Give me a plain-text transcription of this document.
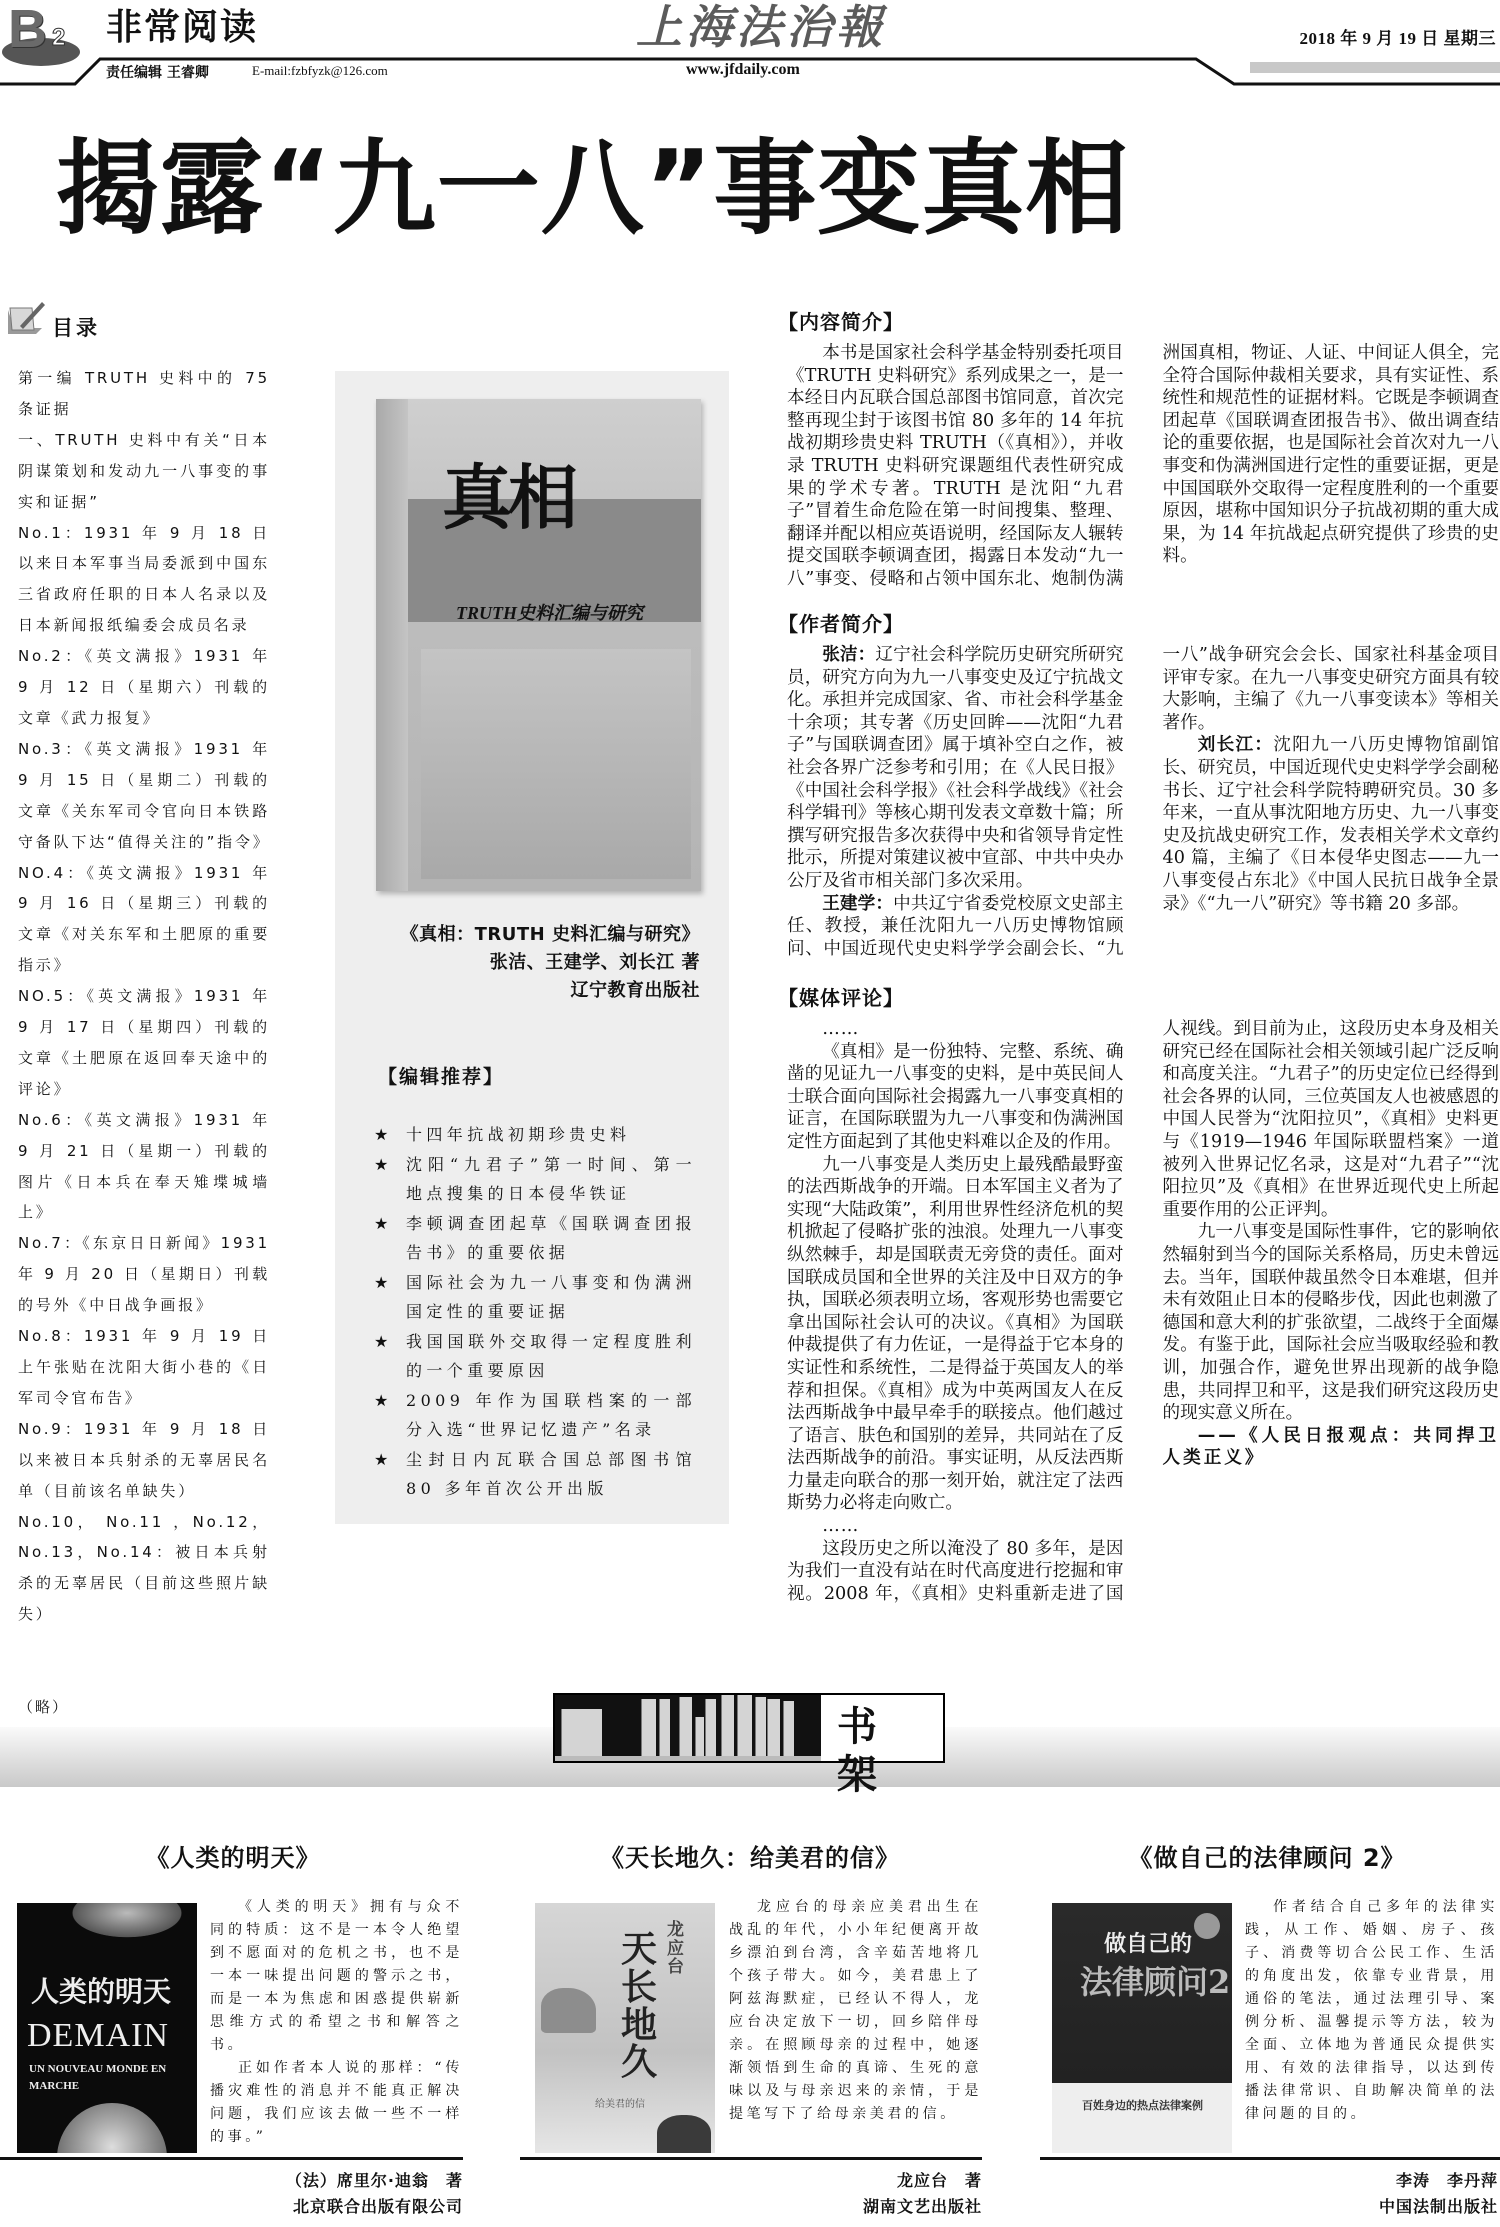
B 2 非常阅读	上海法治報	2018 年 9 月 19 日 星期三
责任编辑 王睿卿	E-mail:fzbfyzk@126.com	www.jfdaily.com
揭露“九一八”事变真相
目录

第一编 TRUTH 史料中的 75 条证据

一、TRUTH 史料中有关“日本阴谋策划和发动九一八事变的事实和证据”

No.1：1931 年 9 月 18 日以来日本军事当局委派到中国东三省政府任职的日本人名录以及日本新闻报纸编委会成员名录

No.2：《英文满报》1931 年 9 月 12 日（星期六）刊载的文章《武力报复》

No.3：《英文满报》1931 年 9 月 15 日（星期二）刊载的文章《关东军司令官向日本铁路守备队下达“值得关注的”指令》

NO.4：《英文满报》1931 年 9 月 16 日（星期三）刊载的文章《对关东军和土肥原的重要指示》

NO.5：《英文满报》1931 年 9 月 17 日（星期四）刊载的文章《土肥原在返回奉天途中的评论》

No.6：《英文满报》1931 年 9 月 21 日（星期一）刊载的图片《日本兵在奉天雉堞城墙上》

No.7：《东京日日新闻》1931 年 9 月 20 日（星期日）刊载的号外《中日战争画报》

No.8：1931 年 9 月 19 日上午张贴在沈阳大街小巷的《日军司令官布告》

No.9：1931 年 9 月 18 日以来被日本兵射杀的无辜居民名单（目前该名单缺失）

No.10， No.11 ，No.12，No.13，No.14：被日本兵射杀的无辜居民（目前这些照片缺失）

（略）

真相
TRUTH史料汇编与研究
《真相：TRUTH 史料汇编与研究》
张洁、王建学、刘长江 著
辽宁教育出版社
【编辑推荐】
★ 十四年抗战初期珍贵史料
★ 沈阳“九君子”第一时间、第一地点搜集的日本侵华铁证
★ 李顿调查团起草《国联调查团报告书》的重要依据
★ 国际社会为九一八事变和伪满洲国定性的重要证据
★ 我国国联外交取得一定程度胜利的一个重要原因
★ 2009 年作为国联档案的一部分入选“世界记忆遗产”名录
★ 尘封日内瓦联合国总部图书馆 80 多年首次公开出版
【内容简介】

本书是国家社会科学基金特别委托项目《TRUTH 史料研究》系列成果之一，是一本经日内瓦联合国总部图书馆同意，首次完整再现尘封于该图书馆 80 多年的 14 年抗战初期珍贵史料 TRUTH（《真相》），并收录 TRUTH 史料研究课题组代表性研究成果的学术专著。TRUTH 是沈阳“九君子”冒着生命危险在第一时间搜集、整理、翻译并配以相应英语说明，经国际友人辗转提交国联李顿调查团，揭露日本发动“九一八”事变、侵略和占领中国东北、炮制伪满洲国真相，物证、人证、中间证人俱全，完全符合国际仲裁相关要求，具有实证性、系统性和规范性的证据材料。它既是李顿调查团起草《国联调查团报告书》、做出调查结论的重要依据，也是国际社会首次对九一八事变和伪满洲国进行定性的重要证据，更是中国国联外交取得一定程度胜利的一个重要原因，堪称中国知识分子抗战初期的重大成果，为 14 年抗战起点研究提供了珍贵的史料。

【作者简介】

张洁：辽宁社会科学院历史研究所研究员，研究方向为九一八事变史及辽宁抗战文化。承担并完成国家、省、市社会科学基金十余项；其专著《历史回眸——沈阳“九君子”与国联调查团》属于填补空白之作，被社会各界广泛参考和引用；在《人民日报》《中国社会科学报》《社会科学战线》《社会科学辑刊》等核心期刊发表文章数十篇；所撰写研究报告多次获得中央和省领导肯定性批示，所提对策建议被中宣部、中共中央办公厅及省市相关部门多次采用。

王建学：中共辽宁省委党校原文史部主任、教授，兼任沈阳九一八历史博物馆顾问、中国近现代史史料学学会副会长、“九一八”战争研究会会长、国家社科基金项目评审专家。在九一八事变史研究方面具有较大影响，主编了《九一八事变读本》等相关著作。

刘长江：沈阳九一八历史博物馆副馆长、研究员，中国近现代史史料学学会副秘书长、辽宁社会科学院特聘研究员。30 多年来，一直从事沈阳地方历史、九一八事变史及抗战史研究工作，发表相关学术文章约 40 篇，主编了《日本侵华史图志——九一八事变侵占东北》《中国人民抗日战争全景录》《“九一八”研究》等书籍 20 多部。

【媒体评论】

……

《真相》是一份独特、完整、系统、确凿的见证九一八事变的史料，是中英民间人士联合面向国际社会揭露九一八事变真相的证言，在国际联盟为九一八事变和伪满洲国定性方面起到了其他史料难以企及的作用。

九一八事变是人类历史上最残酷最野蛮的法西斯战争的开端。日本军国主义者为了实现“大陆政策”，利用世界性经济危机的契机掀起了侵略扩张的浊浪。处理九一八事变纵然棘手，却是国联责无旁贷的责任。面对国联成员国和全世界的关注及中日双方的争执，国联必须表明立场，客观形势也需要它拿出国际社会认可的决议。《真相》为国联仲裁提供了有力佐证，一是得益于它本身的实证性和系统性，二是得益于英国友人的举荐和担保。《真相》成为中英两国友人在反法西斯战争中最早牵手的联接点。他们越过了语言、肤色和国别的差异，共同站在了反法西斯战争的前沿。事实证明，从反法西斯力量走向联合的那一刻开始，就注定了法西斯势力必将走向败亡。

……

这段历史之所以淹没了 80 多年，是因为我们一直没有站在时代高度进行挖掘和审视。2008 年，《真相》史料重新走进了国人视线。到目前为止，这段历史本身及相关研究已经在国际社会相关领域引起广泛反响和高度关注。“九君子”的历史定位已经得到社会各界的认同，三位英国友人也被感恩的中国人民誉为“沈阳拉贝”，《真相》史料更与《1919—1946 年国际联盟档案》一道被列入世界记忆名录，这是对“九君子”“沈阳拉贝”及《真相》在世界近现代史上所起重要作用的公正评判。

九一八事变是国际性事件，它的影响依然辐射到当今的国际关系格局，历史未曾远去。当年，国联仲裁虽然令日本难堪，但并未有效阻止日本的侵略步伐，因此也刺激了德国和意大利的扩张欲望，二战终于全面爆发。有鉴于此，国际社会应当吸取经验和教训，加强合作，避免世界出现新的战争隐患，共同捍卫和平，这是我们研究这段历史的现实意义所在。

——《人民日报观点：共同捍卫人类正义》

书架
《人类的明天》
人类的明天
DEMAIN
UN NOUVEAU MONDE EN MARCHE

《人类的明天》拥有与众不同的特质：这不是一本令人绝望到不愿面对的危机之书，也不是一本一味提出问题的警示之书，而是一本为焦虑和困惑提供崭新思维方式的希望之书和解答之书。

正如作者本人说的那样：“传播灾难性的消息并不能真正解决问题，我们应该去做一些不一样的事。”

（法）席里尔·迪翁　著
北京联合出版有限公司
《天长地久：给美君的信》
天长地久
龙应台
给美君的信

龙应台的母亲应美君出生在战乱的年代，小小年纪便离开故乡漂泊到台湾，含辛茹苦地将几个孩子带大。如今，美君患上了阿兹海默症，已经认不得人，龙应台决定放下一切，回乡陪伴母亲。在照顾母亲的过程中，她逐渐领悟到生命的真谛、生死的意味以及与母亲迟来的亲情，于是提笔写下了给母亲美君的信。

龙应台　著
湖南文艺出版社
《做自己的法律顾问 2》
做自己的
法律顾问2
百姓身边的热点法律案例

作者结合自己多年的法律实践，从工作、婚姻、房子、孩子、消费等切合公民工作、生活的角度出发，依靠专业背景，用通俗的笔法，通过法理引导、案例分析、温馨提示等方法，较为全面、立体地为普通民众提供实用、有效的法律指导，以达到传播法律常识、自助解决简单的法律问题的目的。

李涛　李丹萍
中国法制出版社
